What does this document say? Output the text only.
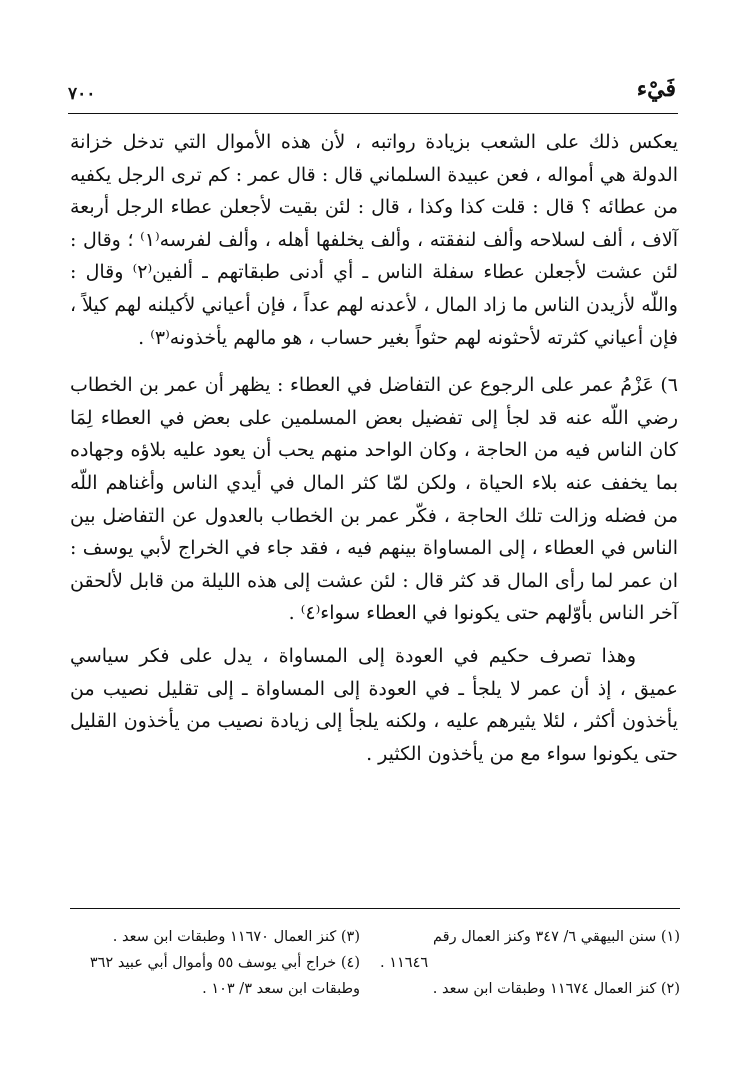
٧٠٠	فَيْء

يعكس ذلك على الشعب بزيادة رواتبه ، لأن هذه الأموال التي تدخل خزانة الدولة هي أمواله ، فعن عبيدة السلماني قال : قال عمر : كم ترى الرجل يكفيه من عطائه ؟ قال : قلت كذا وكذا ، قال : لئن بقيت لأجعلن عطاء الرجل أربعة آلاف ، ألف لسلاحه وألف لنفقته ، وألف يخلفها أهله ، وألف لفرسه⁽١⁾ ؛ وقال : لئن عشت لأجعلن عطاء سفلة الناس ـ أي أدنى طبقاتهم ـ ألفين⁽٢⁾ وقال : واللّه لأزيدن الناس ما زاد المال ، لأعدنه لهم عداً ، فإن أعياني لأكيلنه لهم كيلاً ، فإن أعياني كثرته لأحثونه لهم حثواً بغير حساب ، هو مالهم يأخذونه⁽٣⁾ .

٦) عَزْمُ عمر على الرجوع عن التفاضل في العطاء : يظهر أن عمر بن الخطاب رضي اللّه عنه قد لجأ إلى تفضيل بعض المسلمين على بعض في العطاء لِمَا كان الناس فيه من الحاجة ، وكان الواحد منهم يحب أن يعود عليه بلاؤه وجهاده بما يخفف عنه بلاء الحياة ، ولكن لمّا كثر المال في أيدي الناس وأغناهم اللّه من فضله وزالت تلك الحاجة ، فكّر عمر بن الخطاب بالعدول عن التفاضل بين الناس في العطاء ، إلى المساواة بينهم فيه ، فقد جاء في الخراج لأبي يوسف : ان عمر لما رأى المال قد كثر قال : لئن عشت إلى هذه الليلة من قابل لألحقن آخر الناس بأوّلهم حتى يكونوا في العطاء سواء⁽٤⁾ .

وهذا تصرف حكيم في العودة إلى المساواة ، يدل على فكر سياسي عميق ، إذ أن عمر لا يلجأ ـ في العودة إلى المساواة ـ إلى تقليل نصيب من يأخذون أكثر ، لئلا يثيرهم عليه ، ولكنه يلجأ إلى زيادة نصيب من يأخذون القليل حتى يكونوا سواء مع من يأخذون الكثير .

(١) سنن البيهقي ٦/ ٣٤٧ وكنز العمال رقم

١١٦٤٦ .

(٢) كنز العمال ١١٦٧٤ وطبقات ابن سعد .

(٣) كنز العمال ١١٦٧٠ وطبقات ابن سعد .

(٤) خراج أبي يوسف ٥٥ وأموال أبي عبيد ٣٦٢

وطبقات ابن سعد ٣/ ١٠٣ .
